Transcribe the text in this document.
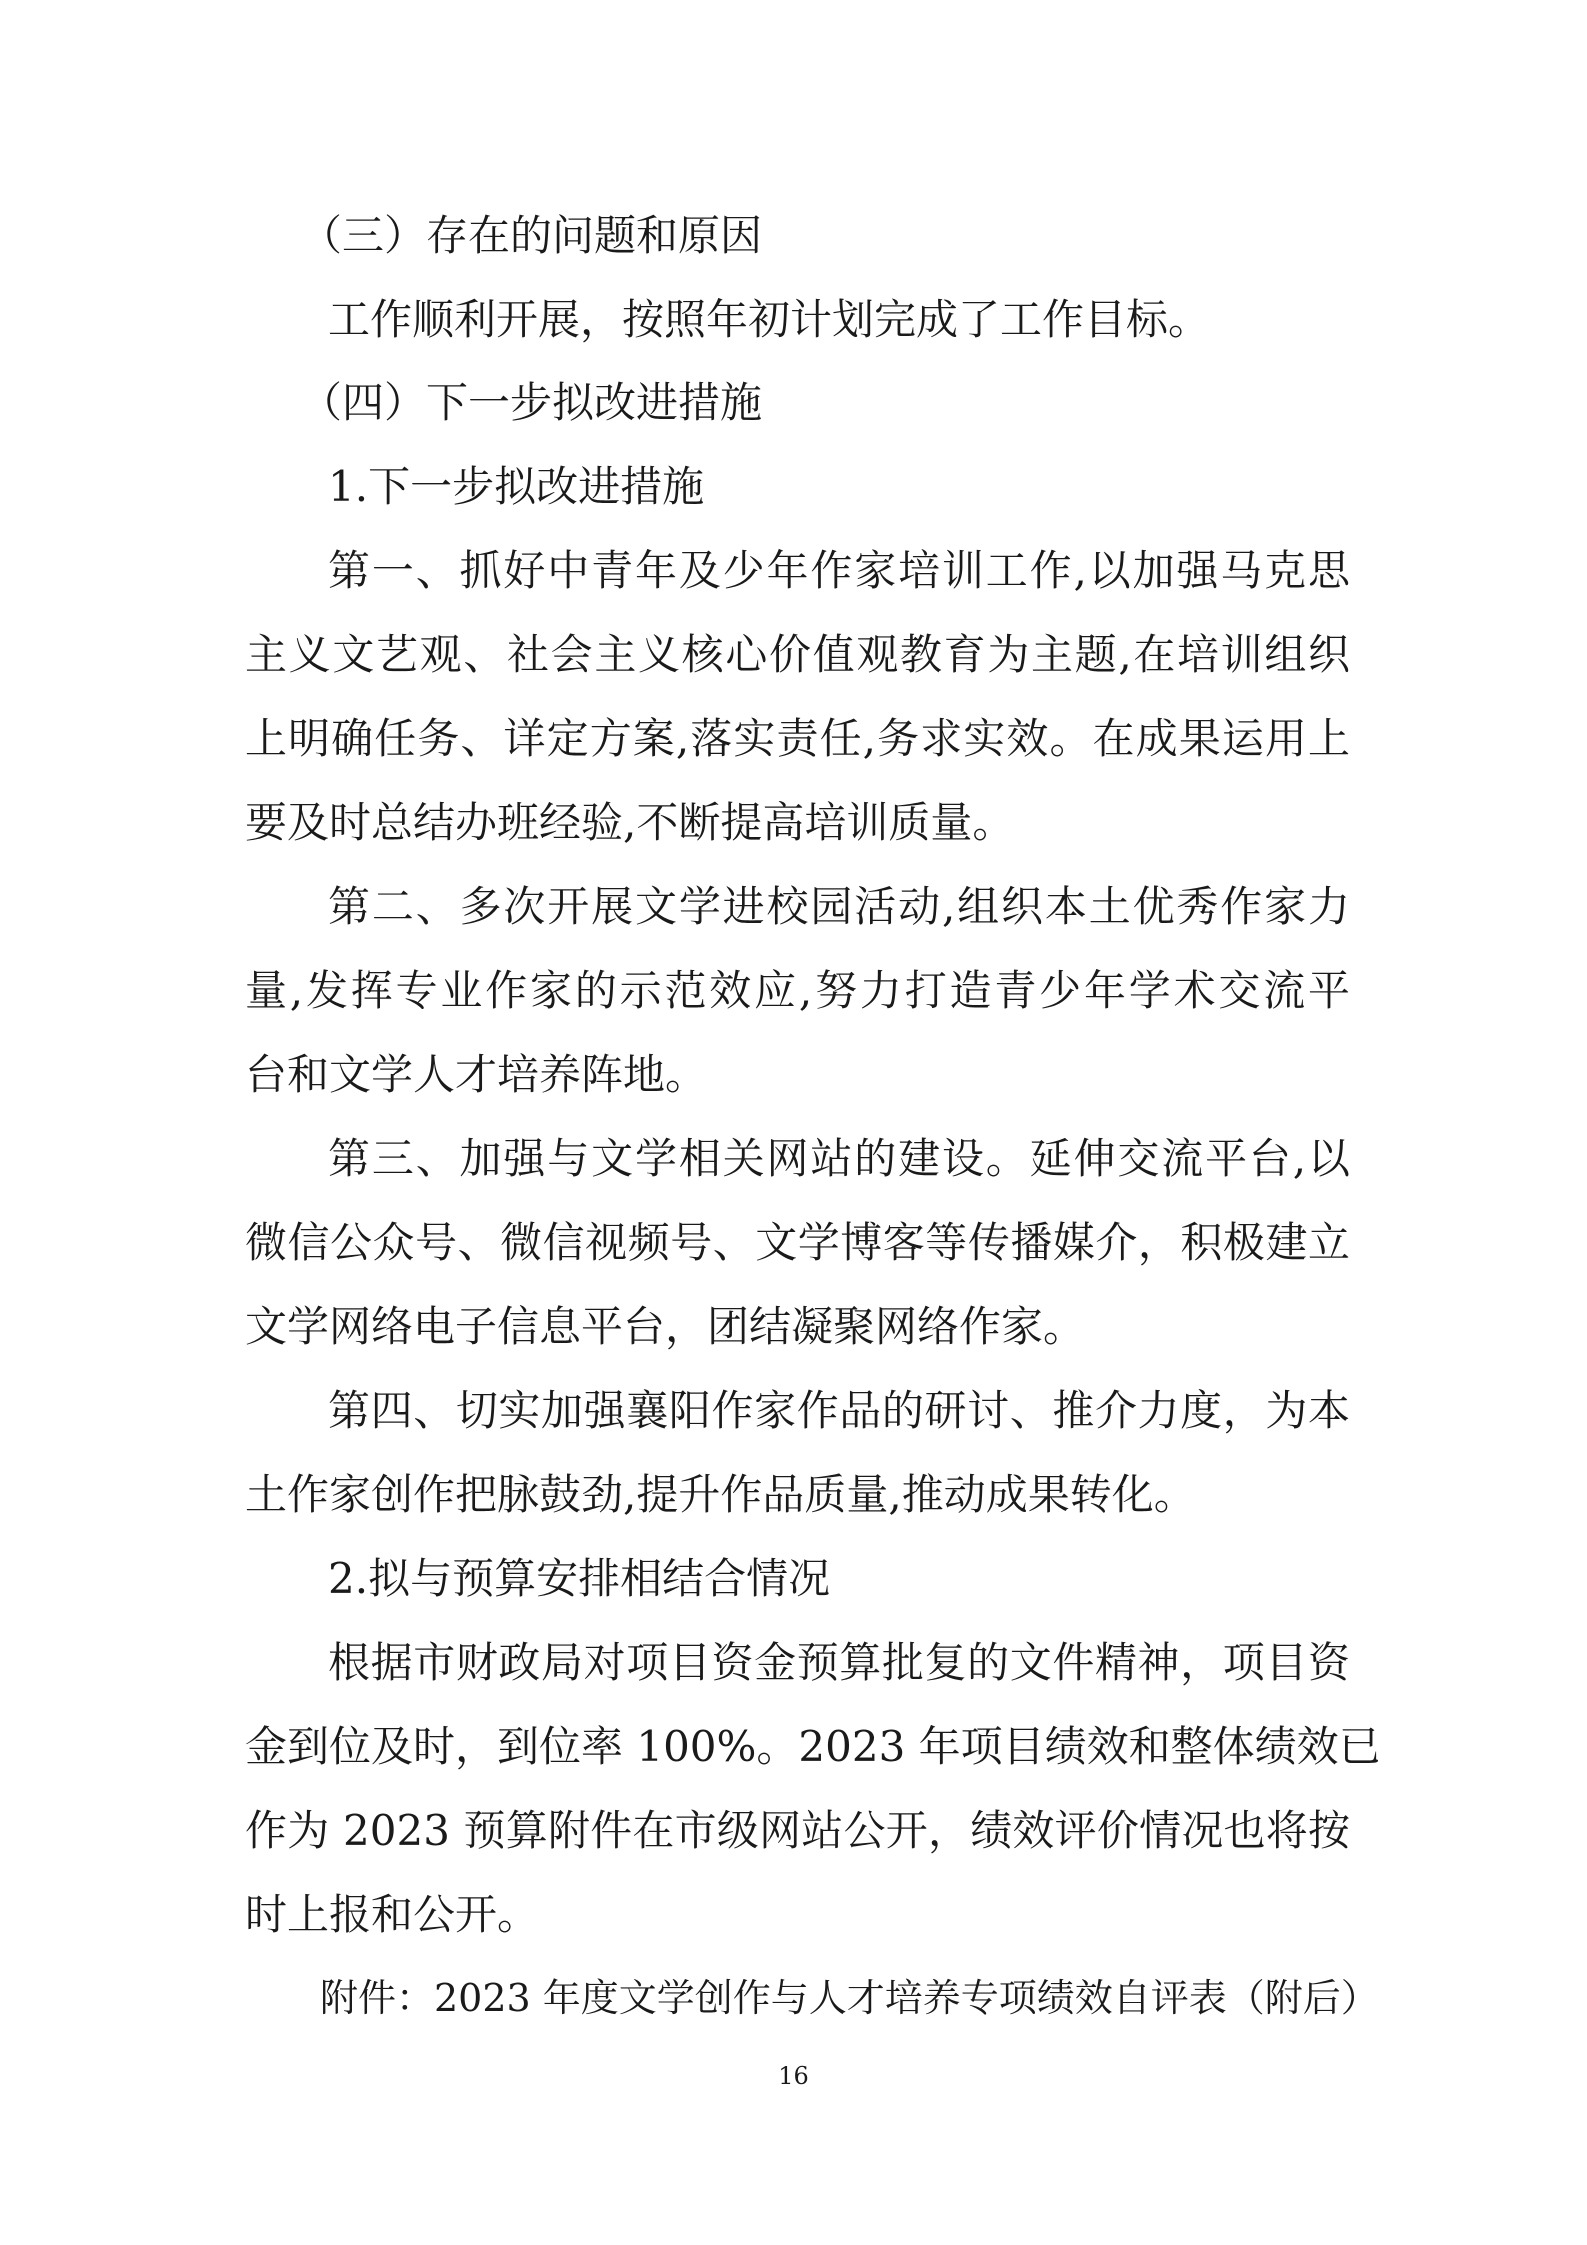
（三）存在的问题和原因
工作顺利开展，按照年初计划完成了工作目标。
（四）下一步拟改进措施
1.下一步拟改进措施
第一、抓好中青年及少年作家培训工作,以加强马克思
主义文艺观、社会主义核心价值观教育为主题,在培训组织
上明确任务、详定方案,落实责任,务求实效。在成果运用上
要及时总结办班经验,不断提高培训质量。
第二、多次开展文学进校园活动,组织本土优秀作家力
量,发挥专业作家的示范效应,努力打造青少年学术交流平
台和文学人才培养阵地。
第三、加强与文学相关网站的建设。延伸交流平台,以
微信公众号、微信视频号、文学博客等传播媒介，积极建立
文学网络电子信息平台，团结凝聚网络作家。
第四、切实加强襄阳作家作品的研讨、推介力度，为本
土作家创作把脉鼓劲,提升作品质量,推动成果转化。
2.拟与预算安排相结合情况
根据市财政局对项目资金预算批复的文件精神，项目资
金到位及时，到位率 100%。2023 年项目绩效和整体绩效已
作为 2023 预算附件在市级网站公开，绩效评价情况也将按
时上报和公开。
附件：2023 年度文学创作与人才培养专项绩效自评表（附后）
16
